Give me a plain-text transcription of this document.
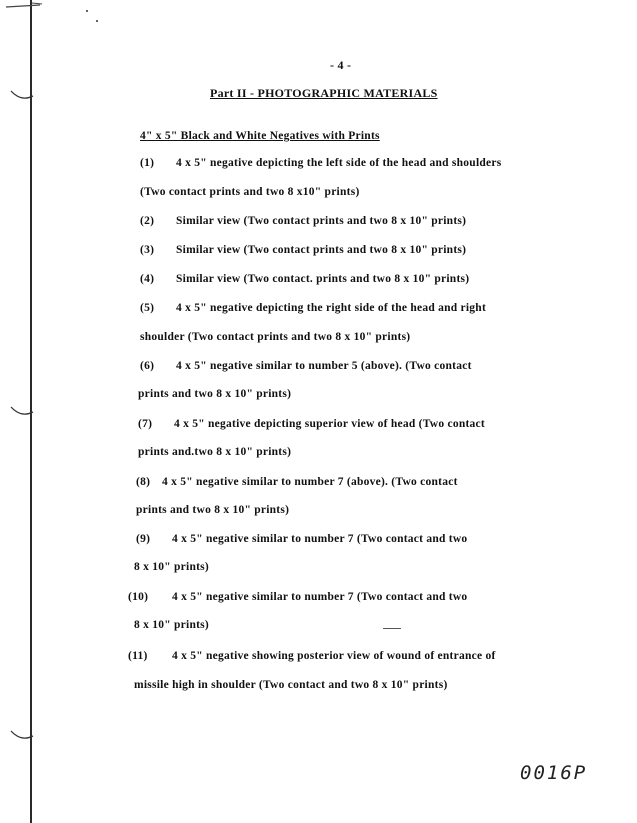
- 4 -
Part II - PHOTOGRAPHIC MATERIALS
4" x 5" Black and White Negatives with Prints
(1) 4 x 5" negative depicting the left side of the head and shoulders
(Two contact prints and two 8 x10" prints)
(2) Similar view (Two contact prints and two 8 x 10" prints)
(3) Similar view (Two contact prints and two 8 x 10" prints)
(4) Similar view (Two contact. prints and two 8 x 10" prints)
(5) 4 x 5" negative depicting the right side of the head and right
shoulder (Two contact prints and two 8 x 10" prints)
(6) 4 x 5" negative similar to number 5 (above). (Two contact
prints and two 8 x 10" prints)
(7) 4 x 5" negative depicting superior view of head (Two contact
prints and.two 8 x 10" prints)
(8) 4 x 5" negative similar to number 7 (above). (Two contact
prints and two 8 x 10" prints)
(9) 4 x 5" negative similar to number 7 (Two contact and two
8 x 10" prints)
(10) 4 x 5" negative similar to number 7 (Two contact and two
8 x 10" prints)
(11) 4 x 5" negative showing posterior view of wound of entrance of
missile high in shoulder (Two contact and two 8 x 10" prints)
0016P
